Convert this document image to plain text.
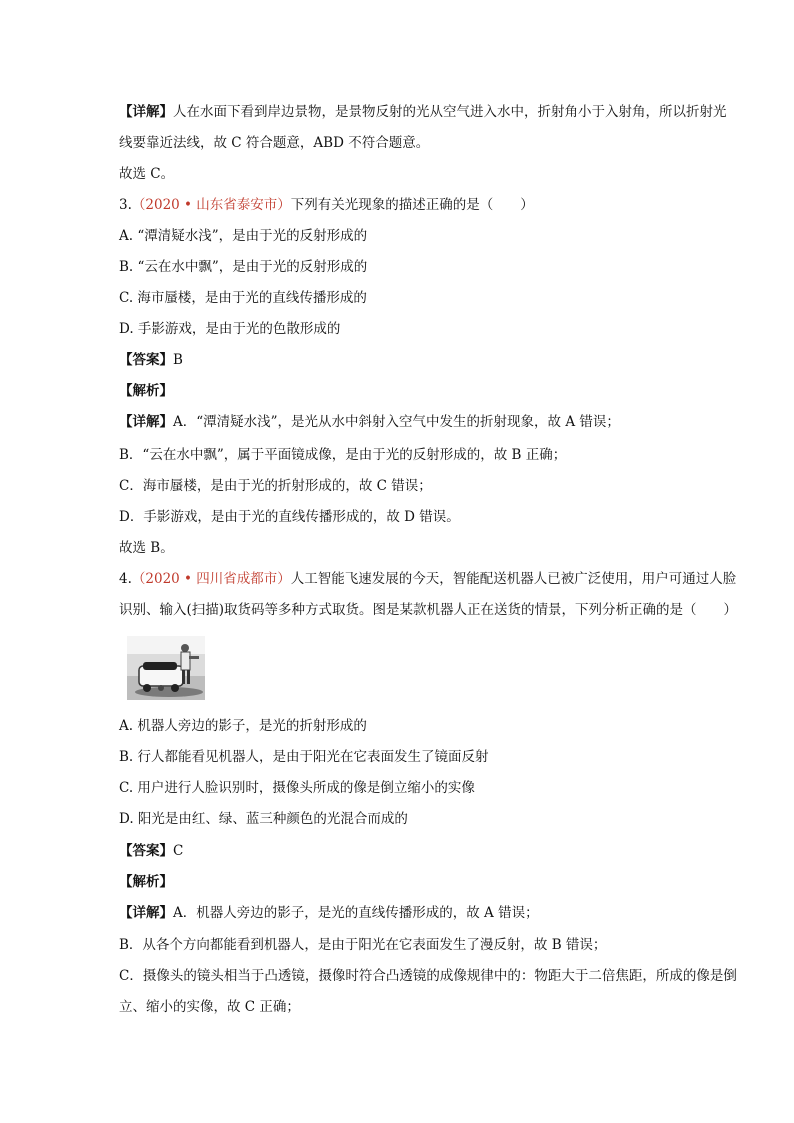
【详解】人在水面下看到岸边景物，是景物反射的光从空气进入水中，折射角小于入射角，所以折射光
线要靠近法线，故 C 符合题意，ABD 不符合题意。
故选 C。
3.（2020 • 山东省泰安市）下列有关光现象的描述正确的是（　　）
A. “潭清疑水浅”，是由于光的反射形成的
B. “云在水中飘”，是由于光的反射形成的
C. 海市蜃楼，是由于光的直线传播形成的
D. 手影游戏，是由于光的色散形成的
【答案】B
【解析】
【详解】A．“潭清疑水浅”，是光从水中斜射入空气中发生的折射现象，故 A 错误；
B．“云在水中飘”，属于平面镜成像，是由于光的反射形成的，故 B 正确；
C．海市蜃楼，是由于光的折射形成的，故 C 错误；
D．手影游戏，是由于光的直线传播形成的，故 D 错误。
故选 B。
4.（2020 • 四川省成都市）人工智能飞速发展的今天，智能配送机器人已被广泛使用，用户可通过人脸
识别、输入(扫描)取货码等多种方式取货。图是某款机器人正在送货的情景，下列分析正确的是（　　）
A. 机器人旁边的影子，是光的折射形成的
B. 行人都能看见机器人，是由于阳光在它表面发生了镜面反射
C. 用户进行人脸识别时，摄像头所成的像是倒立缩小的实像
D. 阳光是由红、绿、蓝三种颜色的光混合而成的
【答案】C
【解析】
【详解】A．机器人旁边的影子，是光的直线传播形成的，故 A 错误；
B．从各个方向都能看到机器人，是由于阳光在它表面发生了漫反射，故 B 错误；
C．摄像头的镜头相当于凸透镜，摄像时符合凸透镜的成像规律中的：物距大于二倍焦距，所成的像是倒
立、缩小的实像，故 C 正确；
